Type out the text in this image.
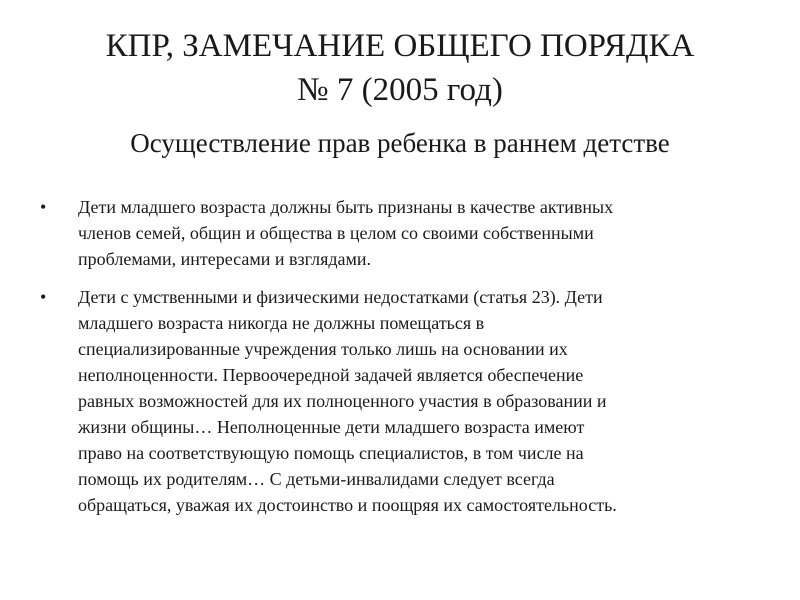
КПР, ЗАМЕЧАНИЕ ОБЩЕГО ПОРЯДКА
№ 7 (2005 год)
Осуществление прав ребенка в раннем детстве
• Дети младшего возраста должны быть признаны в качестве активных
членов семей, общин и общества в целом со своими собственными
проблемами, интересами и взглядами.
• Дети с умственными и физическими недостатками (статья 23). Дети
младшего возраста никогда не должны помещаться в
специализированные учреждения только лишь на основании их
неполноценности. Первоочередной задачей является обеспечение
равных возможностей для их полноценного участия в образовании и
жизни общины… Неполноценные дети младшего возраста имеют
право на соответствующую помощь специалистов, в том числе на
помощь их родителям… С детьми-инвалидами следует всегда
обращаться, уважая их достоинство и поощряя их самостоятельность.
